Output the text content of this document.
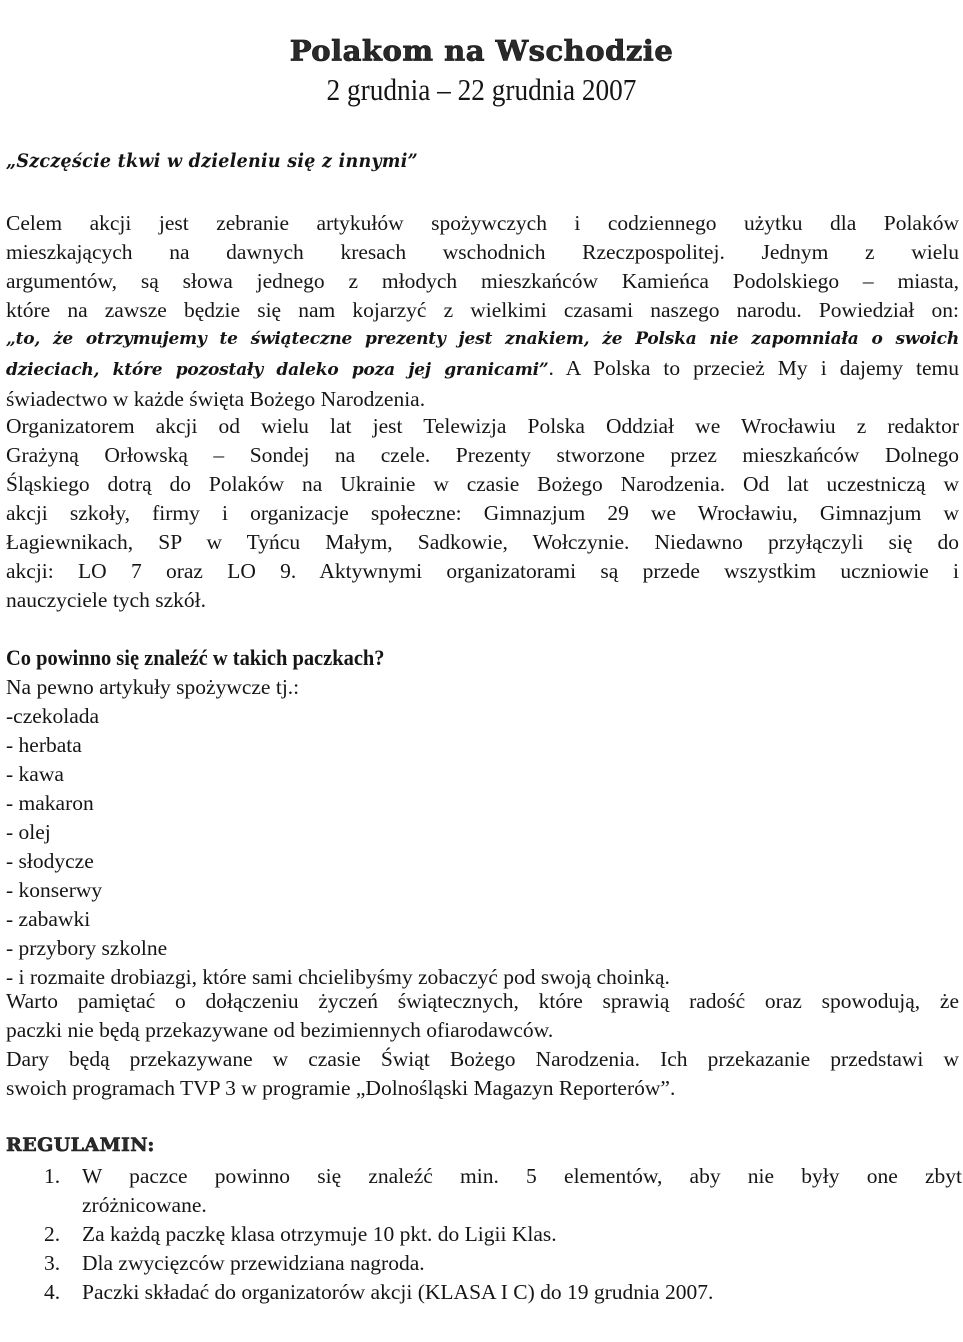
Polakom na Wschodzie
2 grudnia – 22 grudnia 2007
„Szczęście tkwi w dzieleniu się z innymi”
Celem akcji jest zebranie artykułów spożywczych i codziennego użytku dla Polaków
mieszkających na dawnych kresach wschodnich Rzeczpospolitej. Jednym z wielu
argumentów, są słowa jednego z młodych mieszkańców Kamieńca Podolskiego – miasta,
które na zawsze będzie się nam kojarzyć z wielkimi czasami naszego narodu. Powiedział on:
„to, że otrzymujemy te świąteczne prezenty jest znakiem, że Polska nie zapomniała o swoich
dzieciach, które pozostały daleko poza jej granicami”. A Polska to przecież My i dajemy temu
świadectwo w każde święta Bożego Narodzenia.
Organizatorem akcji od wielu lat jest Telewizja Polska Oddział we Wrocławiu z redaktor
Grażyną Orłowską – Sondej na czele. Prezenty stworzone przez mieszkańców Dolnego
Śląskiego dotrą do Polaków na Ukrainie w czasie Bożego Narodzenia. Od lat uczestniczą w
akcji szkoły, firmy i organizacje społeczne: Gimnazjum 29 we Wrocławiu, Gimnazjum w
Łagiewnikach, SP w Tyńcu Małym, Sadkowie, Wołczynie. Niedawno przyłączyli się do
akcji: LO 7 oraz LO 9. Aktywnymi organizatorami są przede wszystkim uczniowie i
nauczyciele tych szkół.
Co powinno się znaleźć w takich paczkach?
Na pewno artykuły spożywcze tj.:
-czekolada
- herbata
- kawa
- makaron
- olej
- słodycze
- konserwy
- zabawki
- przybory szkolne
- i rozmaite drobiazgi, które sami chcielibyśmy zobaczyć pod swoją choinką.
Warto pamiętać o dołączeniu życzeń świątecznych, które sprawią radość oraz spowodują, że
paczki nie będą przekazywane od bezimiennych ofiarodawców.
Dary będą przekazywane w czasie Świąt Bożego Narodzenia. Ich przekazanie przedstawi w
swoich programach TVP 3 w programie „Dolnośląski Magazyn Reporterów”.
REGULAMIN:
1. W paczce powinno się znaleźć min. 5 elementów, aby nie były one zbyt
zróżnicowane.
2. Za każdą paczkę klasa otrzymuje 10 pkt. do Ligii Klas.
3. Dla zwycięzców przewidziana nagroda.
4. Paczki składać do organizatorów akcji (KLASA I C) do 19 grudnia 2007.
